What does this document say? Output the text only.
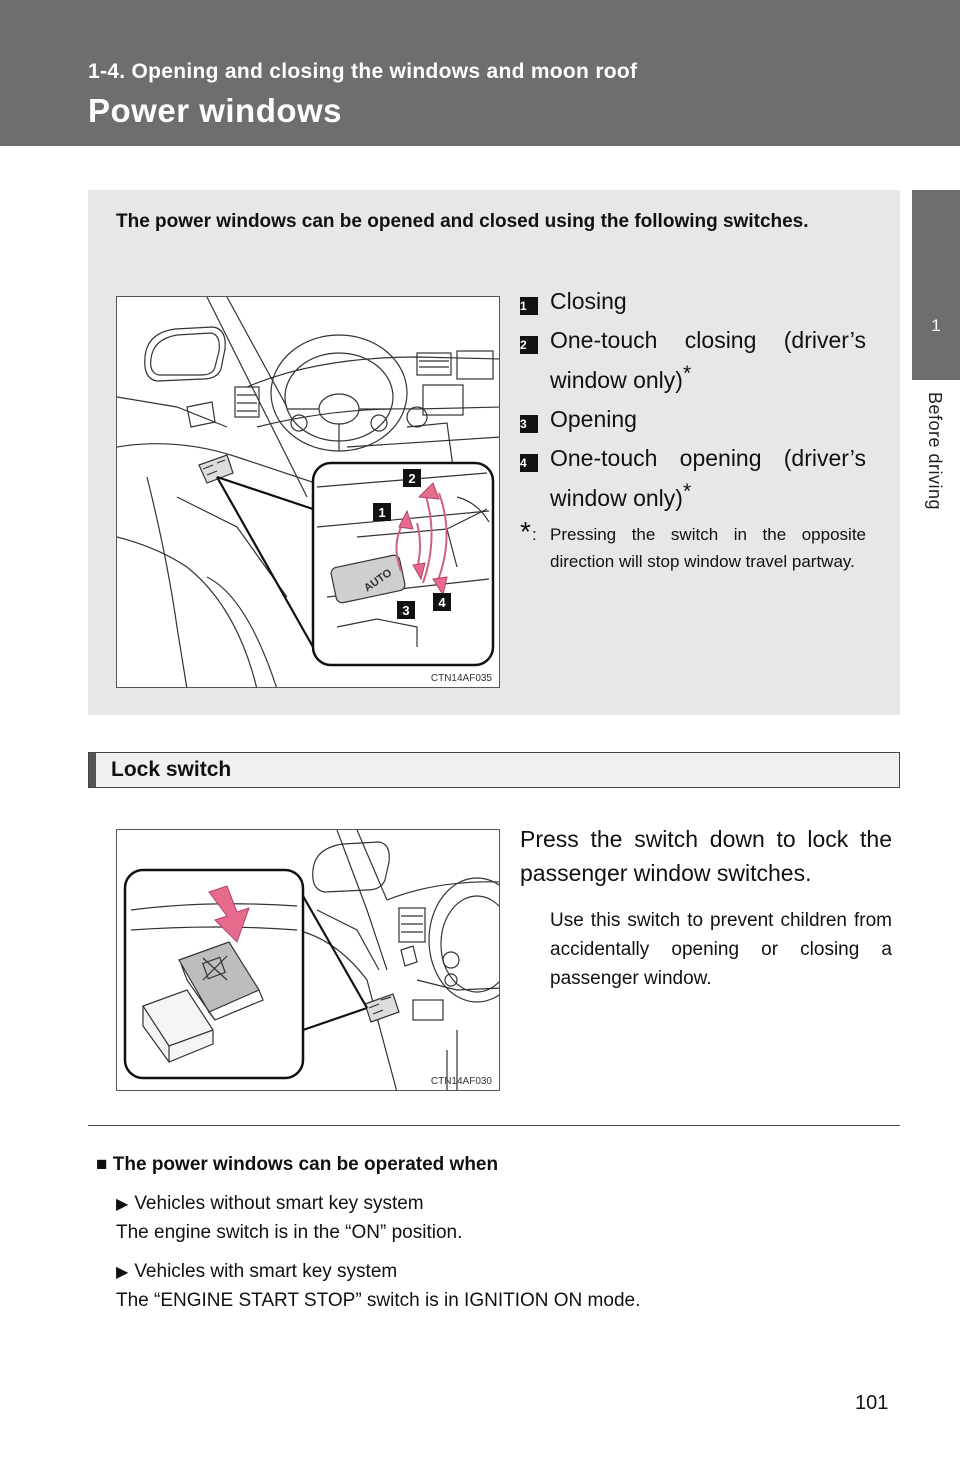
1-4. Opening and closing the windows and moon roof
Power windows
1
Before driving
The power windows can be opened and closed using the following switches.
AUTO
1
2
3
4
CTN14AF035
1	Closing
2	One-touch closing (driver’s window only)*
3	Opening
4	One-touch opening (driver’s window only)*
* : Pressing the switch in the opposite direction will stop window travel partway.
Lock switch
CTN14AF030
Press the switch down to lock the passenger window switches.
Use this switch to prevent children from accidentally opening or closing a passenger window.
■ The power windows can be operated when
▶ Vehicles without smart key system
The engine switch is in the “ON” position.
▶ Vehicles with smart key system
The “ENGINE START STOP” switch is in IGNITION ON mode.
101
